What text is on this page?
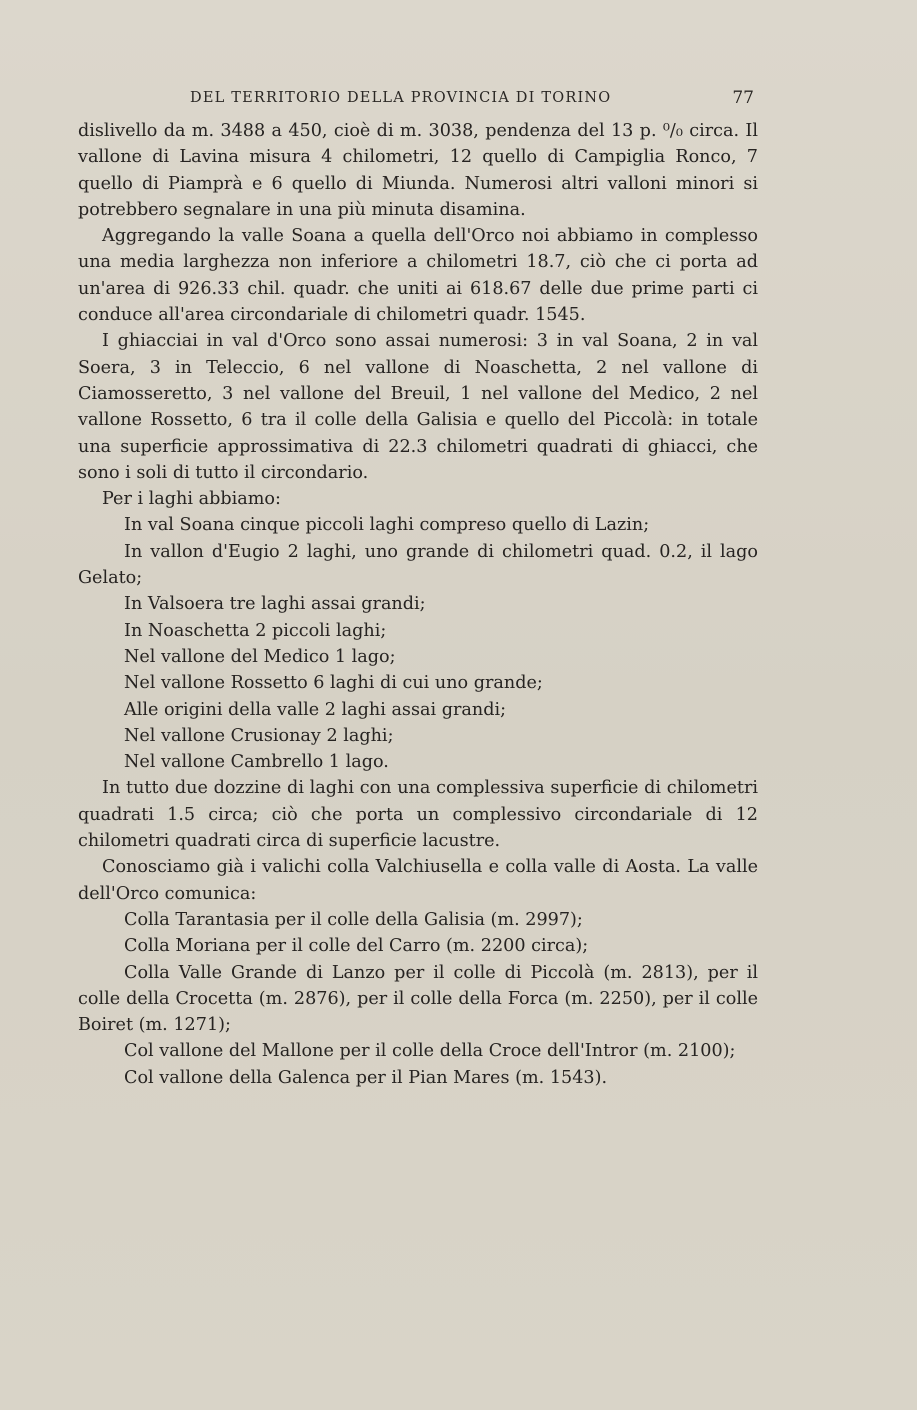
DEL TERRITORIO DELLA PROVINCIA DI TORINO	77

dislivello da m. 3488 a 450, cioè di m. 3038, pendenza del 13 p. ⁰/₀ circa. Il vallone di Lavina misura 4 chilometri, 12 quello di Campiglia Ronco, 7 quello di Piamprà e 6 quello di Miunda. Numerosi altri valloni minori si potrebbero segnalare in una più minuta disamina.

Aggregando la valle Soana a quella dell'Orco noi abbiamo in complesso una media larghezza non inferiore a chilometri 18.7, ciò che ci porta ad un'area di 926.33 chil. quadr. che uniti ai 618.67 delle due prime parti ci conduce all'area circondariale di chilometri quadr. 1545.

I ghiacciai in val d'Orco sono assai numerosi: 3 in val Soana, 2 in val Soera, 3 in Teleccio, 6 nel vallone di Noaschetta, 2 nel vallone di Ciamosseretto, 3 nel vallone del Breuil, 1 nel vallone del Medico, 2 nel vallone Rossetto, 6 tra il colle della Galisia e quello del Piccolà: in totale una superficie approssimativa di 22.3 chilometri quadrati di ghiacci, che sono i soli di tutto il circondario.

Per i laghi abbiamo:

In val Soana cinque piccoli laghi compreso quello di Lazin;

In vallon d'Eugio 2 laghi, uno grande di chilometri quad. 0.2, il lago Gelato;

In Valsoera tre laghi assai grandi;

In Noaschetta 2 piccoli laghi;

Nel vallone del Medico 1 lago;

Nel vallone Rossetto 6 laghi di cui uno grande;

Alle origini della valle 2 laghi assai grandi;

Nel vallone Crusionay 2 laghi;

Nel vallone Cambrello 1 lago.

In tutto due dozzine di laghi con una complessiva superficie di chilometri quadrati 1.5 circa; ciò che porta un complessivo circondariale di 12 chilometri quadrati circa di superficie lacustre.

Conosciamo già i valichi colla Valchiusella e colla valle di Aosta. La valle dell'Orco comunica:

Colla Tarantasia per il colle della Galisia (m. 2997);

Colla Moriana per il colle del Carro (m. 2200 circa);

Colla Valle Grande di Lanzo per il colle di Piccolà (m. 2813), per il colle della Crocetta (m. 2876), per il colle della Forca (m. 2250), per il colle Boiret (m. 1271);

Col vallone del Mallone per il colle della Croce dell'Intror (m. 2100);

Col vallone della Galenca per il Pian Mares (m. 1543).
